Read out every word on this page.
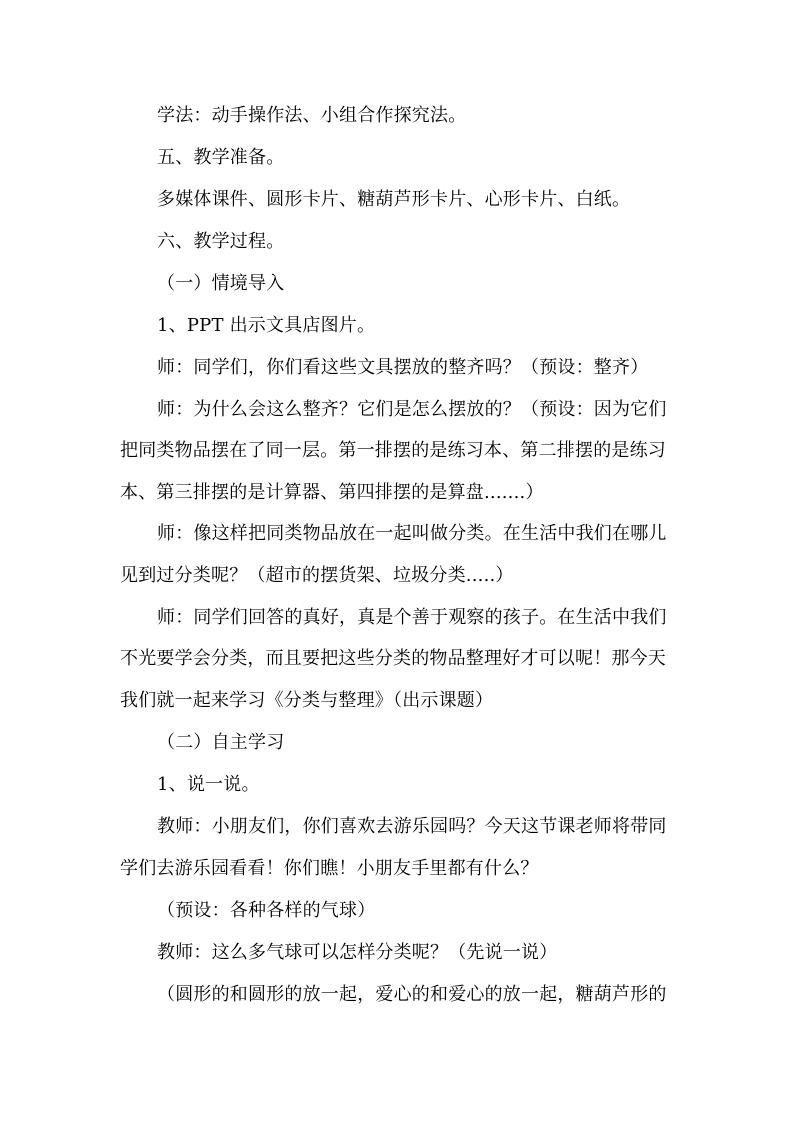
学法：动手操作法、小组合作探究法。
五、教学准备。
多媒体课件、圆形卡片、糖葫芦形卡片、心形卡片、白纸。
六、教学过程。
（一）情境导入
1、PPT 出示文具店图片。
师：同学们，你们看这些文具摆放的整齐吗？（预设：整齐）
师：为什么会这么整齐？它们是怎么摆放的？（预设：因为它们
把同类物品摆在了同一层。第一排摆的是练习本、第二排摆的是练习
本、第三排摆的是计算器、第四排摆的是算盘.......）
师：像这样把同类物品放在一起叫做分类。在生活中我们在哪儿
见到过分类呢？（超市的摆货架、垃圾分类.....）
师：同学们回答的真好，真是个善于观察的孩子。在生活中我们
不光要学会分类，而且要把这些分类的物品整理好才可以呢！那今天
我们就一起来学习《分类与整理》（出示课题）
（二）自主学习
1、说一说。
教师：小朋友们，你们喜欢去游乐园吗？今天这节课老师将带同
学们去游乐园看看！你们瞧！小朋友手里都有什么？
（预设：各种各样的气球）
教师：这么多气球可以怎样分类呢？（先说一说）
（圆形的和圆形的放一起，爱心的和爱心的放一起，糖葫芦形的
